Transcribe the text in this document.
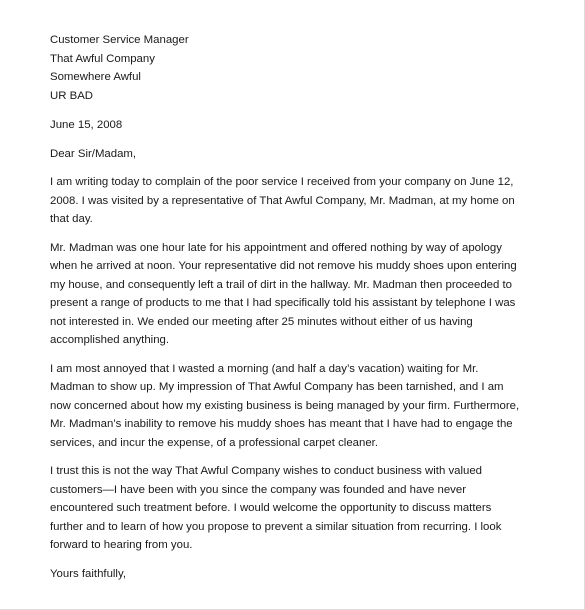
Customer Service Manager

That Awful Company

Somewhere Awful

UR BAD

June 15, 2008

Dear Sir/Madam,

I am writing today to complain of the poor service I received from your company on June 12, 2008. I was visited by a representative of That Awful Company, Mr. Madman, at my home on that day.

Mr. Madman was one hour late for his appointment and offered nothing by way of apology when he arrived at noon. Your representative did not remove his muddy shoes upon entering my house, and consequently left a trail of dirt in the hallway. Mr. Madman then proceeded to present a range of products to me that I had specifically told his assistant by telephone I was not interested in. We ended our meeting after 25 minutes without either of us having accomplished anything.

I am most annoyed that I wasted a morning (and half a day’s vacation) waiting for Mr. Madman to show up. My impression of That Awful Company has been tarnished, and I am now concerned about how my existing business is being managed by your firm. Furthermore, Mr. Madman’s inability to remove his muddy shoes has meant that I have had to engage the services, and incur the expense, of a professional carpet cleaner.

I trust this is not the way That Awful Company wishes to conduct business with valued customers—I have been with you since the company was founded and have never encountered such treatment before. I would welcome the opportunity to discuss matters further and to learn of how you propose to prevent a similar situation from recurring. I look forward to hearing from you.

Yours faithfully,
